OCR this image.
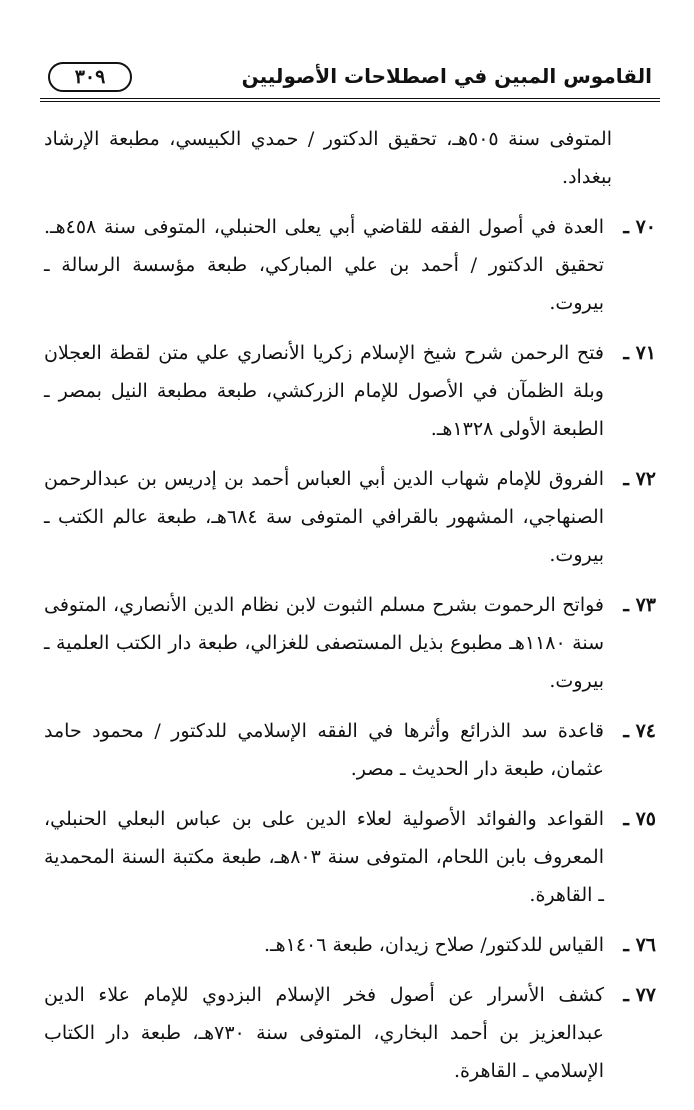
القاموس المبين في اصطلاحات الأصوليين
٣٠٩
المتوفى سنة ٥٠٥هـ، تحقيق الدكتور / حمدي الكبيسي، مطبعة الإرشاد ببغداد.
٧٠ ـ
العدة في أصول الفقه للقاضي أبي يعلى الحنبلي، المتوفى سنة ٤٥٨هـ. تحقيق الدكتور / أحمد بن علي المباركي، طبعة مؤسسة الرسالة ـ بيروت.
٧١ ـ
فتح الرحمن شرح شيخ الإسلام زكريا الأنصاري علي متن لقطة العجلان وبلة الظمآن في الأصول للإمام الزركشي، طبعة مطبعة النيل بمصر ـ الطبعة الأولى ١٣٢٨هـ.
٧٢ ـ
الفروق للإمام شهاب الدين أبي العباس أحمد بن إدريس بن عبدالرحمن الصنهاجي، المشهور بالقرافي المتوفى سة ٦٨٤هـ، طبعة عالم الكتب ـ بيروت.
٧٣ ـ
فواتح الرحموت بشرح مسلم الثبوت لابن نظام الدين الأنصاري، المتوفى سنة ١١٨٠هـ مطبوع بذيل المستصفى للغزالي، طبعة دار الكتب العلمية ـ بيروت.
٧٤ ـ
قاعدة سد الذرائع وأثرها في الفقه الإسلامي للدكتور / محمود حامد عثمان، طبعة دار الحديث ـ مصر.
٧٥ ـ
القواعد والفوائد الأصولية لعلاء الدين على بن عباس البعلي الحنبلي، المعروف بابن اللحام، المتوفى سنة ٨٠٣هـ، طبعة مكتبة السنة المحمدية ـ القاهرة.
٧٦ ـ
القياس للدكتور/ صلاح زيدان، طبعة ١٤٠٦هـ.
٧٧ ـ
كشف الأسرار عن أصول فخر الإسلام البزدوي للإمام علاء الدين عبدالعزيز بن أحمد البخاري، المتوفى سنة ٧٣٠هـ، طبعة دار الكتاب الإسلامي ـ القاهرة.
